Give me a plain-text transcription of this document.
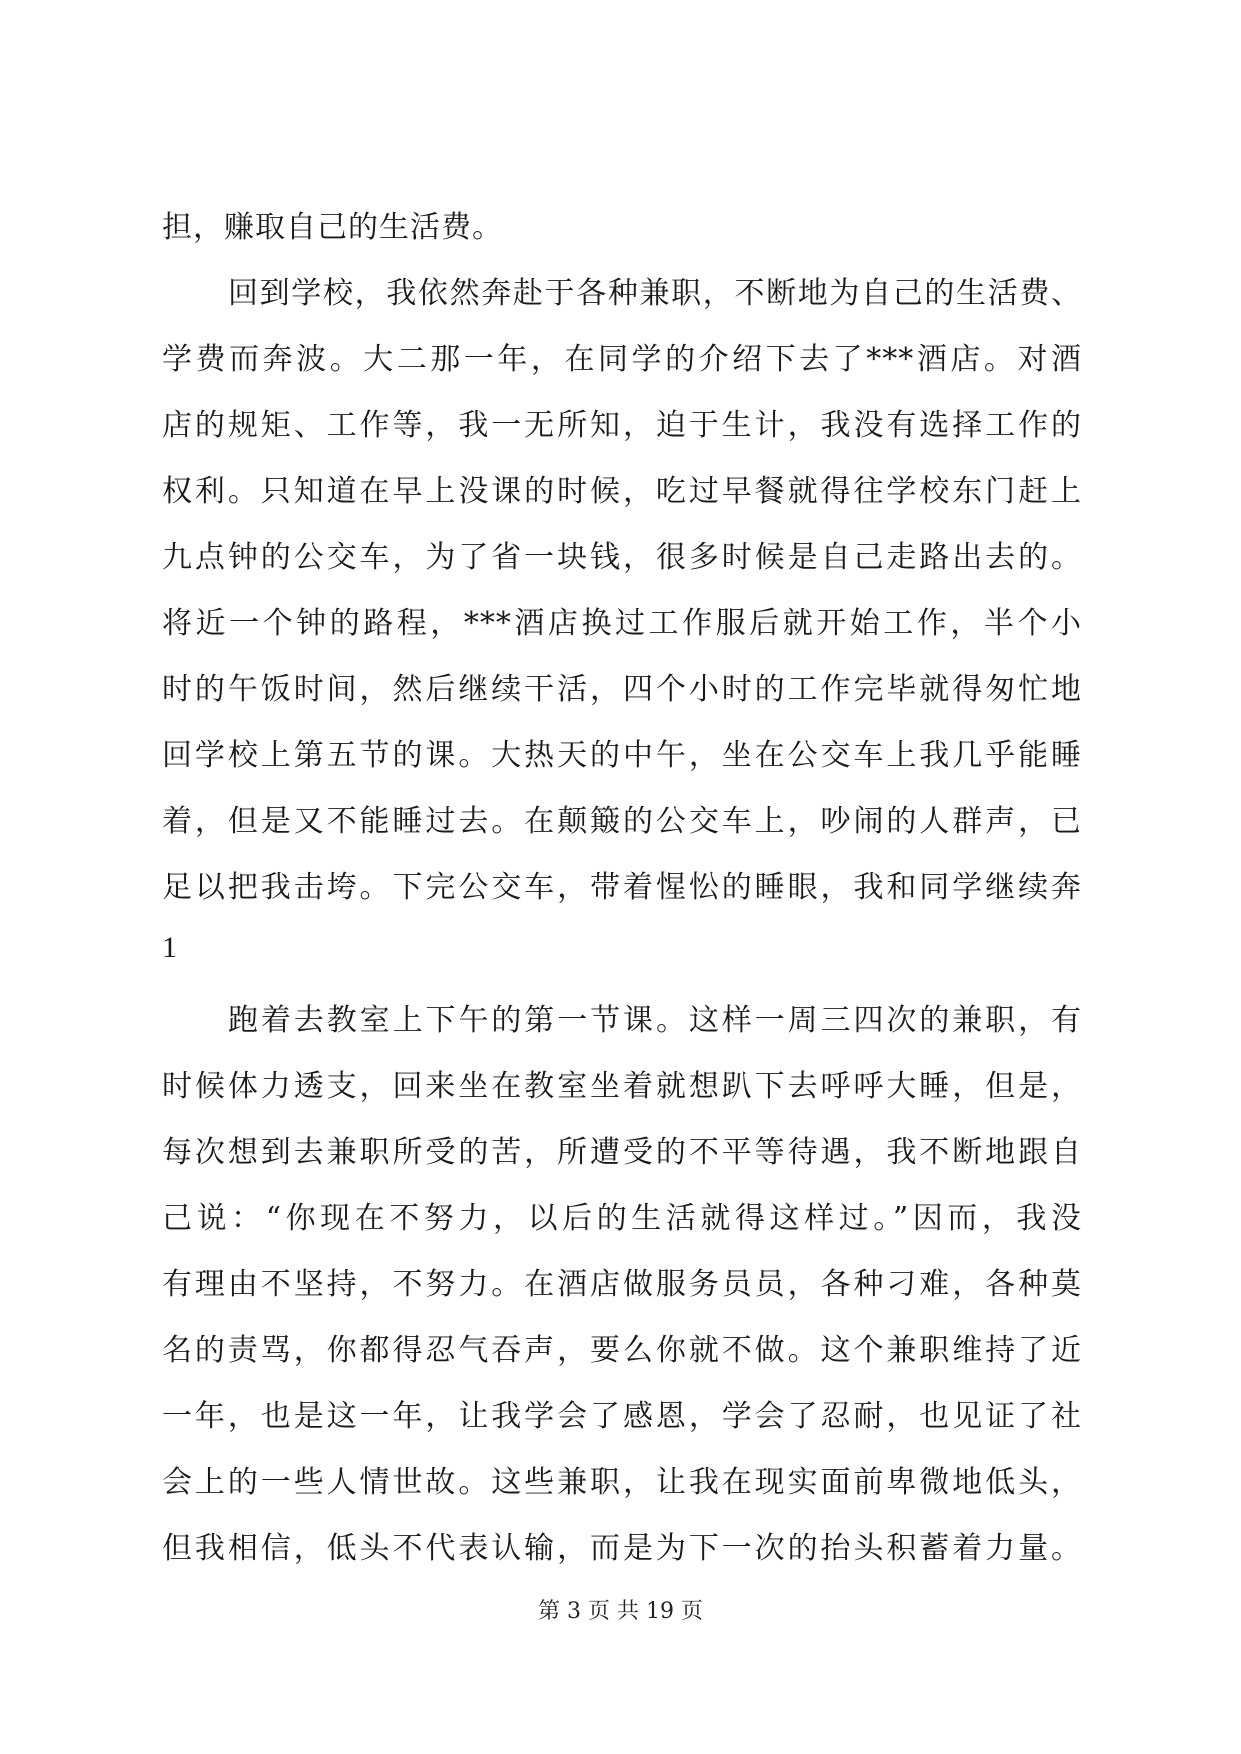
担，赚取自己的生活费。
回到学校，我依然奔赴于各种兼职，不断地为自己的生活费、
学费而奔波。大二那一年，在同学的介绍下去了***酒店。对酒
店的规矩、工作等，我一无所知，迫于生计，我没有选择工作的
权利。只知道在早上没课的时候，吃过早餐就得往学校东门赶上
九点钟的公交车，为了省一块钱，很多时候是自己走路出去的。
将近一个钟的路程，***酒店换过工作服后就开始工作，半个小
时的午饭时间，然后继续干活，四个小时的工作完毕就得匆忙地
回学校上第五节的课。大热天的中午，坐在公交车上我几乎能睡
着，但是又不能睡过去。在颠簸的公交车上，吵闹的人群声，已
足以把我击垮。下完公交车，带着惺忪的睡眼，我和同学继续奔
1
跑着去教室上下午的第一节课。这样一周三四次的兼职，有
时候体力透支，回来坐在教室坐着就想趴下去呼呼大睡，但是，
每次想到去兼职所受的苦，所遭受的不平等待遇，我不断地跟自
己说：“你现在不努力，以后的生活就得这样过。”因而，我没
有理由不坚持，不努力。在酒店做服务员员，各种刁难，各种莫
名的责骂，你都得忍气吞声，要么你就不做。这个兼职维持了近
一年，也是这一年，让我学会了感恩，学会了忍耐，也见证了社
会上的一些人情世故。这些兼职，让我在现实面前卑微地低头，
但我相信，低头不代表认输，而是为下一次的抬头积蓄着力量。
第 3 页 共 19 页
